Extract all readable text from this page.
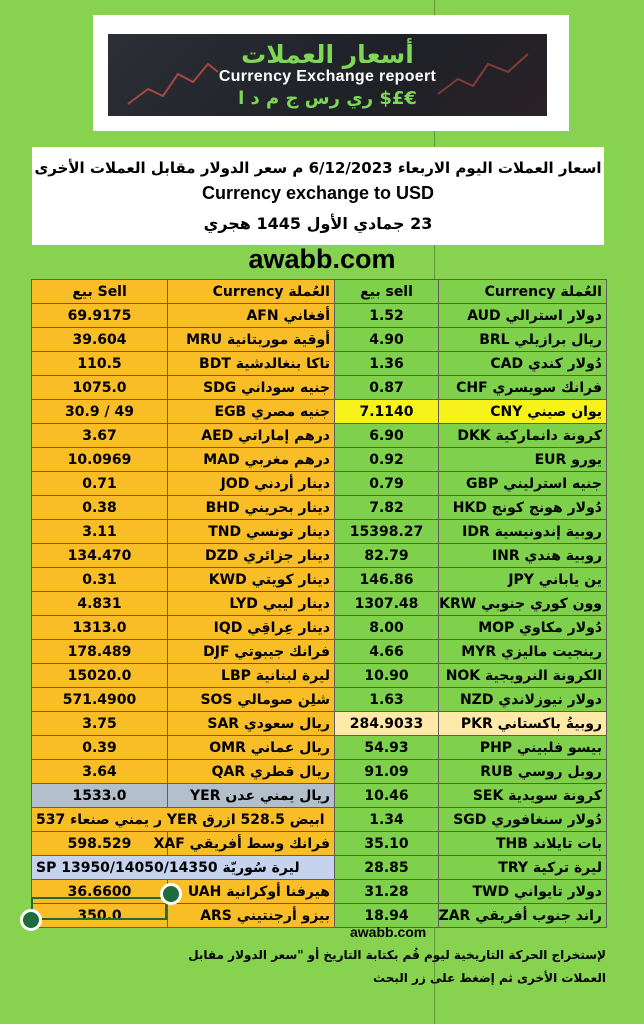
أسعار العملات
Currency Exchange repoert
ري رس ج م د ا $£€
اسعار العملات اليوم الاربعاء 6/12/2023 م سعر الدولار مقابل العملات الأخرى
Currency exchange to USD
23 جمادي الأول 1445 هجري
awabb.com
بيع Sell	العُملة Currency	بيع sell	العُملة Currency
69.9175	أفغاني AFN	1.52	دولار استرالي AUD
39.604	أوقية موريتانية MRU	4.90	ريال برازيلي BRL
110.5	تاكا بنغالدشية BDT	1.36	دُولار كندي CAD
1075.0	جنيه سوداني SDG	0.87	فرانك سويسري CHF
30.9 / 49	جنيه مصري EGB	7.1140	يوان صيني CNY
3.67	درهم إماراتي AED	6.90	كرونة دانماركية DKK
10.0969	درهم مغربي MAD	0.92	يورو EUR
0.71	دينار أردني JOD	0.79	جنيه استرليني GBP
0.38	دينار بحريني BHD	7.82	دُولار هونج كونج HKD
3.11	دينار تونسي TND	15398.27	روبية إندونيسية IDR
134.470	دينار جزائري DZD	82.79	روبية هندي INR
0.31	دينار كويتي KWD	146.86	ين ياباني JPY
4.831	دينار ليبي LYD	1307.48	وون كوري جنوبي KRW
1313.0	دينار عِراقِي IQD	8.00	دُولار مكاوي MOP
178.489	فرانك جيبوتي DJF	4.66	رينجيت ماليزي MYR
15020.0	ليرة لبنانية LBP	10.90	الكرونة النرويجية NOK
571.4900	شلِن صومالي SOS	1.63	دولار نيوزلاندي NZD
3.75	ريال سعودي SAR	284.9033	روبيةُ باكستاني PKR
0.39	ريال عماني OMR	54.93	بيسو فلبيني PHP
3.64	ريال قطري QAR	91.09	روبل روسي RUB
1533.0	ريال يمني عدن YER	10.46	كرونة سويدية SEK
537 ر يمني صنعاء YER ابيض 528.5 ازرق		1.34	دُولار سنغافوري SGD
598.529	فرانك وسط أفريقي XAF	35.10	بات تايلاند THB
SP 13950/14050/14350 ليرة سُوريّة		28.85	ليرة تركية TRY
36.6600	هيرفنا أوكرانية UAH	31.28	دولار تايواني TWD
350.0	بيزو أرجنتيني ARS	18.94	راند جنوب أفريقي ZAR
awabb.com
لإستخراج الحركة التاريخية ليوم قُم بكتابة التاريخ أو "سعر الدولار مقابل
العملات الأخرى ثم إضغط على زر البحث
